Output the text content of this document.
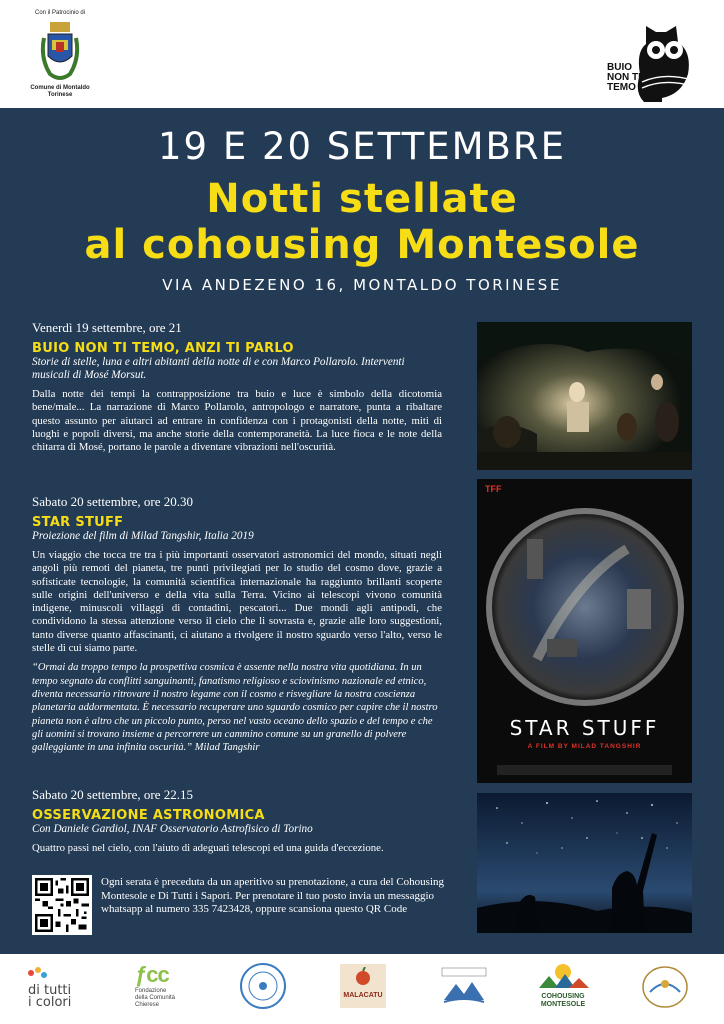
Con il Patrocinio di
Comune di Montaldo Torinese
BUIO
NON TI
TEMO
19 E 20 SETTEMBRE
Notti stellate
al cohousing Montesole
VIA ANDEZENO 16, MONTALDO TORINESE
Venerdì 19 settembre, ore 21
BUIO NON TI TEMO, ANZI TI PARLO
Storie di stelle, luna e altri abitanti della notte di e con Marco Pollarolo. Interventi musicali di Mosé Morsut.
Dalla notte dei tempi la contrapposizione tra buio e luce è simbolo della dicotomia bene/male... La narrazione di Marco Pollarolo, antropologo e narratore, punta a ribaltare questo assunto per aiutarci ad entrare in confidenza con i protagonisti della notte, miti di luoghi e popoli diversi, ma anche storie della contemporaneità. La luce fioca e le note della chitarra di Mosé, portano le parole a diventare vibrazioni nell'oscurità.
Sabato 20 settembre, ore 20.30
STAR STUFF
Proiezione del film di Milad Tangshir, Italia 2019
Un viaggio che tocca tre tra i più importanti osservatori astronomici del mondo, situati negli angoli più remoti del pianeta, tre punti privilegiati per lo studio del cosmo dove, grazie a sofisticate tecnologie, la comunità scientifica internazionale ha raggiunto brillanti scoperte sulle origini dell'universo e della vita sulla Terra. Vicino ai telescopi vivono comunità indigene, minuscoli villaggi di contadini, pescatori... Due mondi agli antipodi, che condividono la stessa attenzione verso il cielo che li sovrasta e, grazie alle loro suggestioni, tanto diverse quanto affascinanti, ci aiutano a rivolgere il nostro sguardo verso l'alto, verso le stelle di cui siamo parte.
“Ormai da troppo tempo la prospettiva cosmica è assente nella nostra vita quotidiana. In un tempo segnato da conflitti sanguinanti, fanatismo religioso e sciovinismo nazionale ed etnico, diventa necessario ritrovare il nostro legame con il cosmo e risvegliare la nostra coscienza planetaria addormentata. È necessario recuperare uno sguardo cosmico per capire che il nostro pianeta non è altro che un piccolo punto, perso nel vasto oceano dello spazio e del tempo e che gli uomini si trovano insieme a percorrere un cammino comune su un granello di polvere galleggiante in una infinita oscurità.” Milad Tangshir
Sabato 20 settembre, ore 22.15
OSSERVAZIONE ASTRONOMICA
Con Daniele Gardiol, INAF Osservatorio Astrofisico di Torino
Quattro passi nel cielo, con l'aiuto di adeguati telescopi ed una guida d'eccezione.
TFF
STAR STUFF
A FILM BY MILAD TANGSHIR
Ogni serata è preceduta da un aperitivo su prenotazione, a cura del Cohousing Montesole e Di Tutti i Sapori. Per prenotare il tuo posto invia un messaggio whatsapp al numero 335 7423428, oppure scansiona questo QR Code
di tutti
i colori
ƒcc
Fondazione
della Comunità
Chierese
MALACATU	COHOUSING
MONTESOLE
